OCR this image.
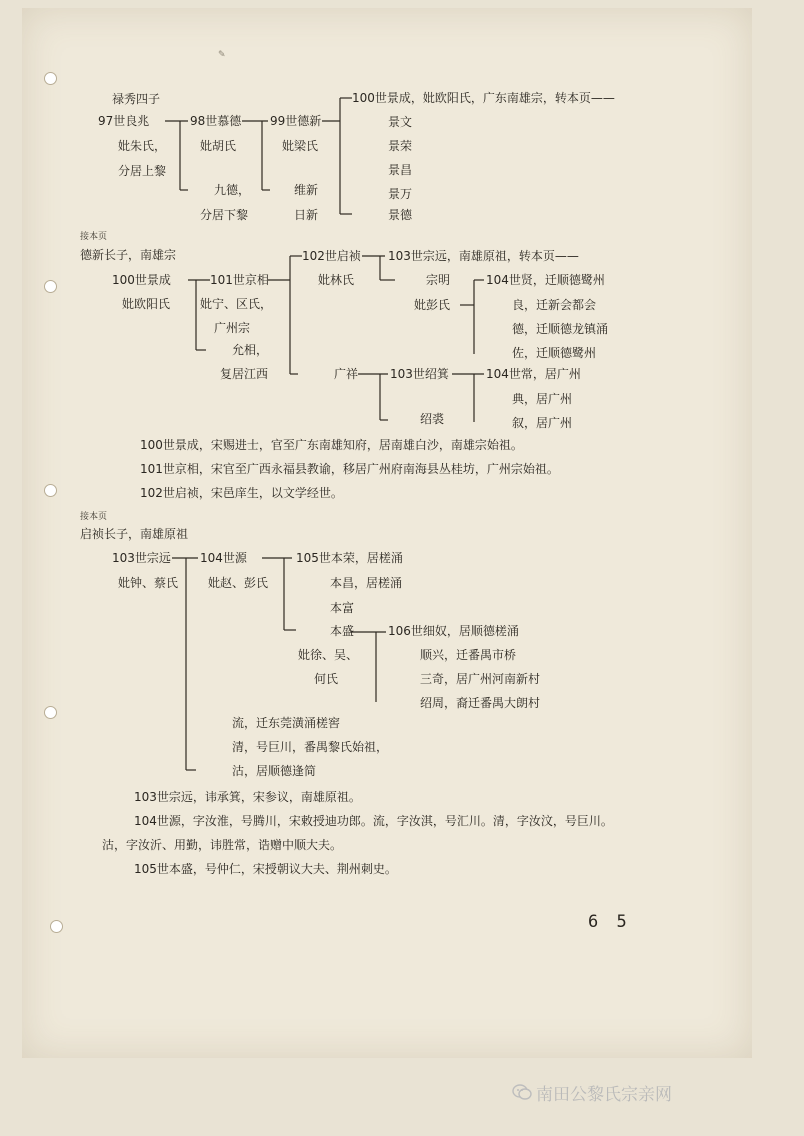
✎
禄秀四子
97世良兆
妣朱氏，
分居上黎
98世慕德
妣胡氏
九德，
分居下黎
99世德新
妣梁氏
维新
日新
100世景成，妣欧阳氏，广东南雄宗，转本页——
景文
景荣
景昌
景万
景德
接本页
德新长子，南雄宗
100世景成
妣欧阳氏
101世京相
妣宁、区氏，
广州宗
允相，
复居江西
102世启祯
妣林氏
广祥
103世宗远，南雄原祖，转本页——
宗明
妣彭氏
104世贤，迁顺德鹭州
良，迁新会都会
德，迁顺德龙镇涌
佐，迁顺德鹭州
103世绍箕
绍裘
104世常，居广州
典，居广州
叙，居广州
100世景成，宋赐进士，官至广东南雄知府，居南雄白沙，南雄宗始祖。
101世京相，宋官至广西永福县教谕，移居广州府南海县丛桂坊，广州宗始祖。
102世启祯，宋邑庠生，以文学经世。
接本页
启祯长子，南雄原祖
103世宗远
妣钟、蔡氏
104世源
妣赵、彭氏
105世本荣，居槎涌
本昌，居槎涌
本富
本盛
妣徐、吴、
何氏
106世细奴，居顺德槎涌
顺兴，迁番禺市桥
三奇，居广州河南新村
绍周，裔迁番禺大朗村
流，迁东莞潢涌槎窖
清，号巨川，番禺黎氏始祖，
沽，居顺德逢简
103世宗远，讳承箕，宋参议，南雄原祖。
104世源，字汝淮，号腾川，宋敕授迪功郎。流，字汝淇，号汇川。清，字汝汶，号巨川。
沽，字汝沂、用勤，讳胜常，诰赠中顺大夫。
105世本盛，号仲仁，宋授朝议大夫、荆州刺史。
6 5
南田公黎氏宗亲网
